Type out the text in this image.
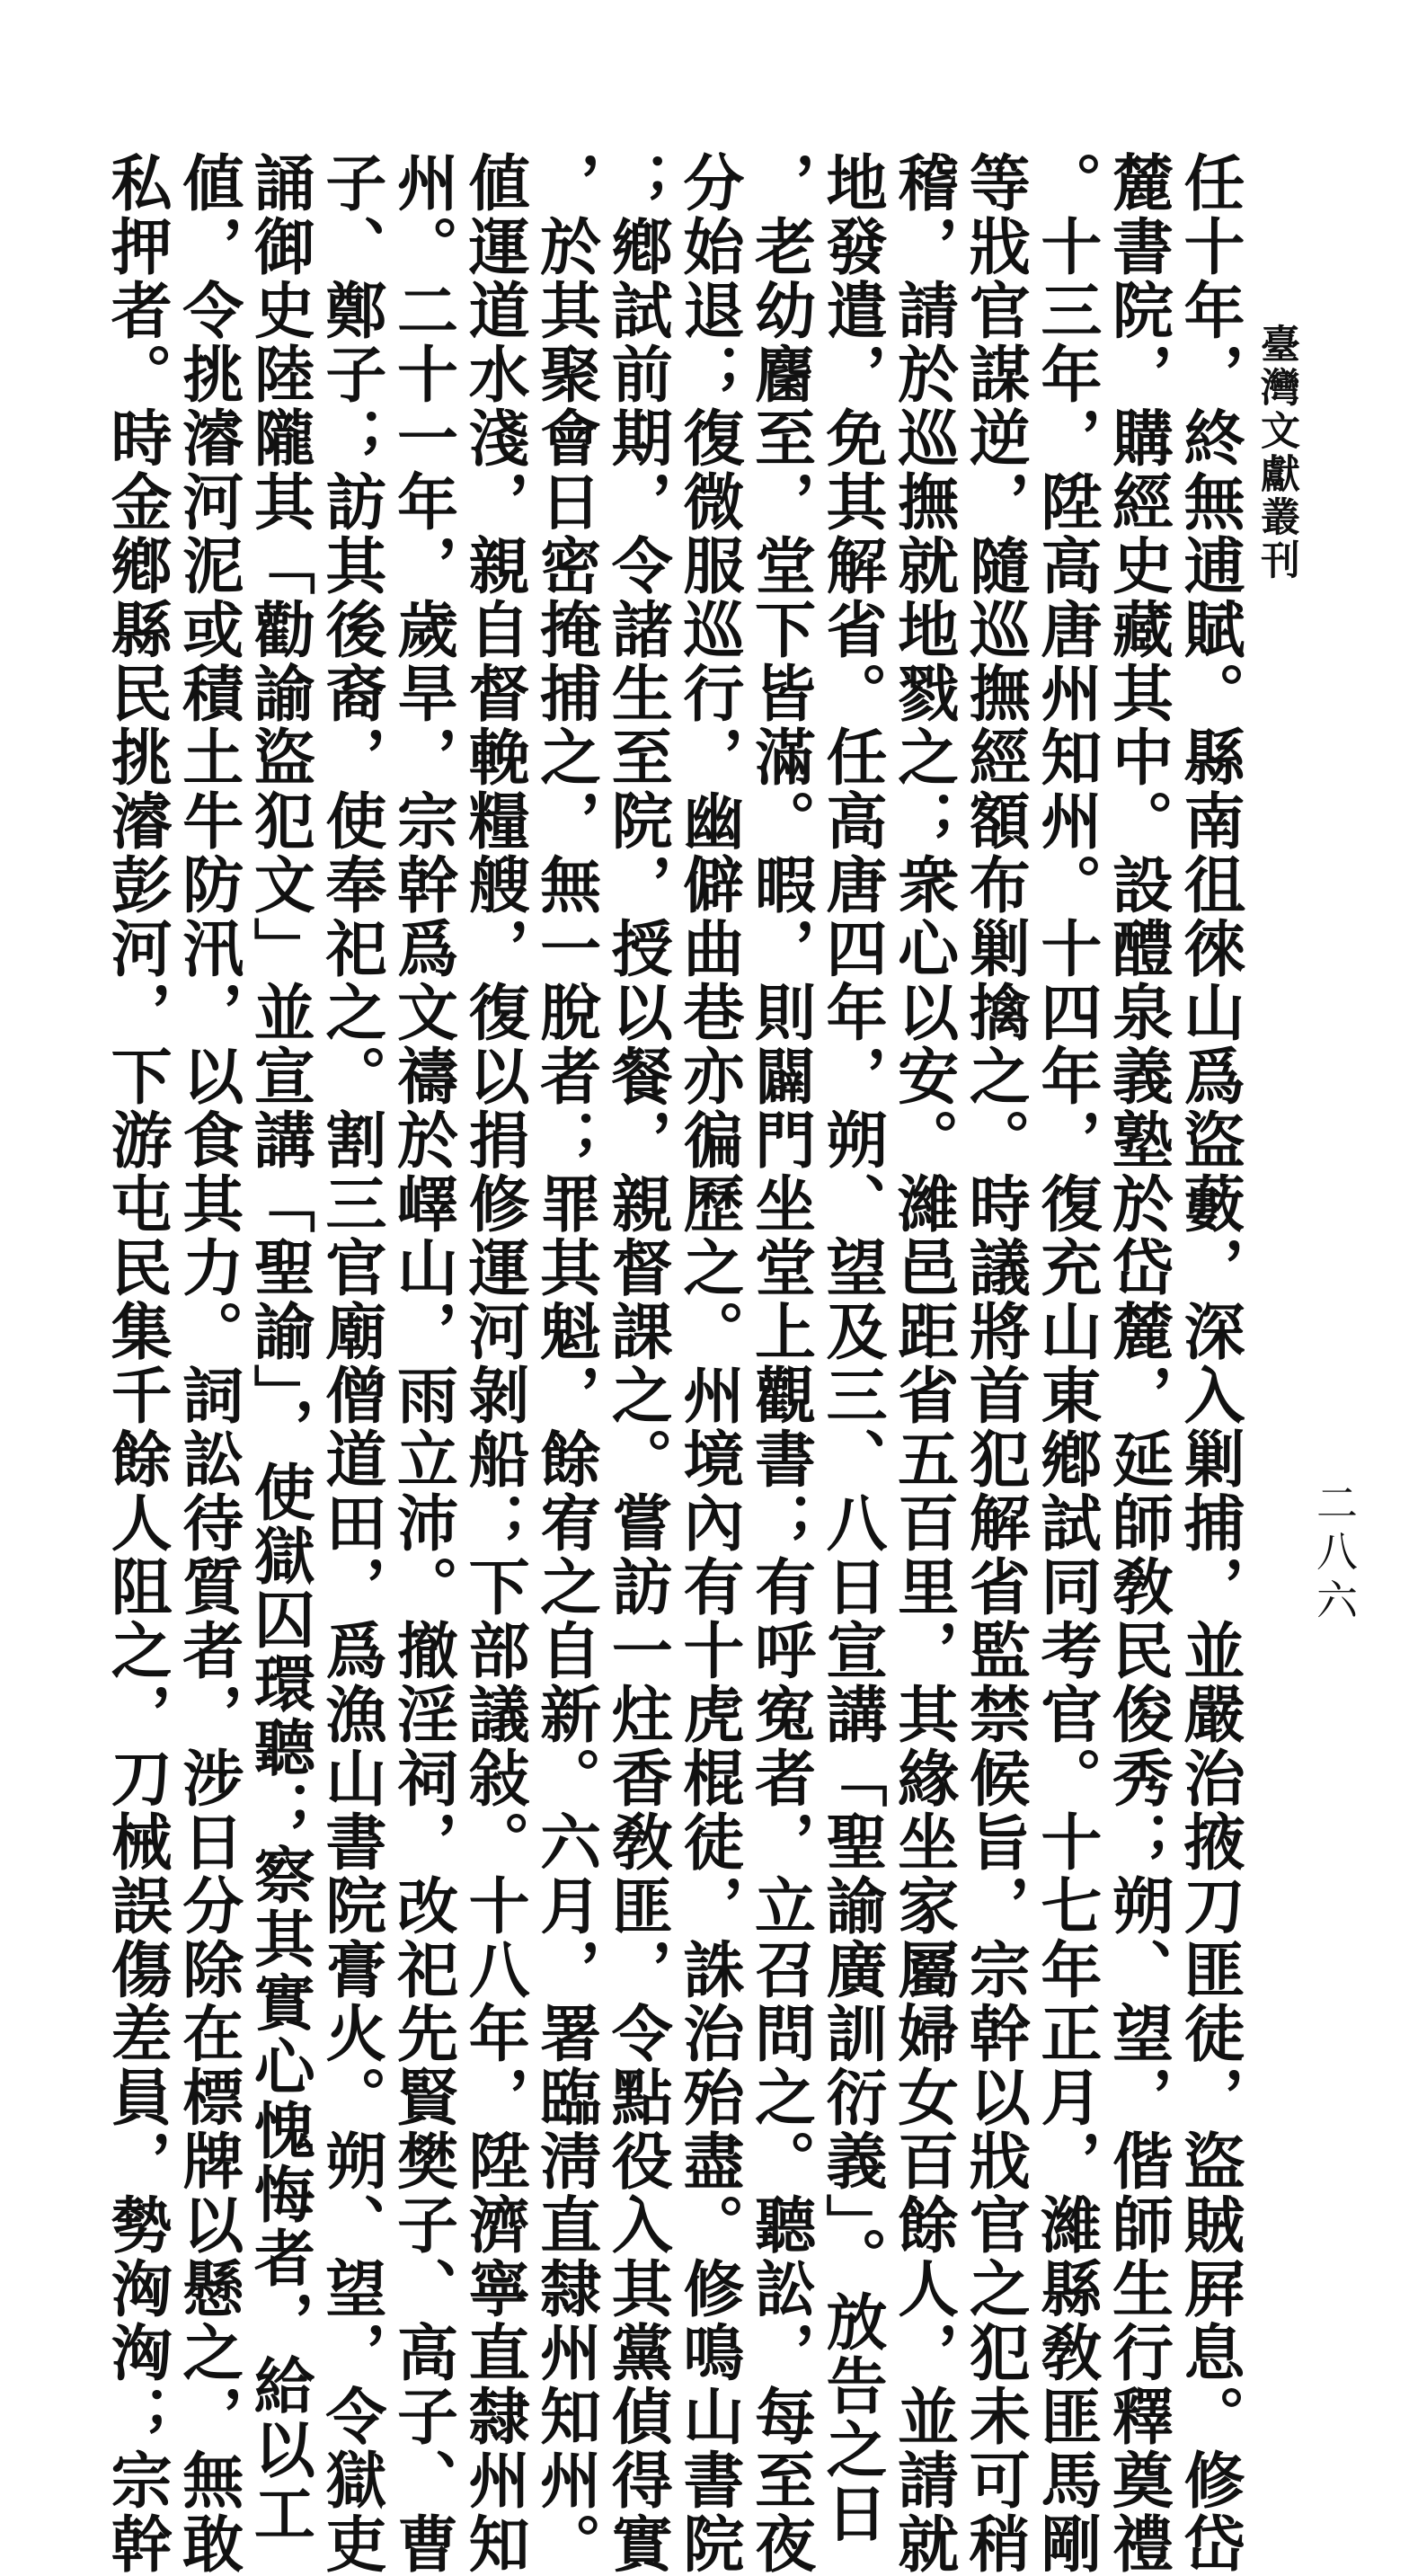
臺灣文獻叢刊
二八六
任十年，終無逋賦。縣南徂徠山爲盜藪，深入剿捕，並嚴治掖刀匪徒，盜賊屛息。修岱
麓書院，購經史藏其中。設醴泉義塾於岱麓，延師敎民俊秀；朔、望，偕師生行釋奠禮
。十三年，陞高唐州知州。十四年，復充山東鄕試同考官。十七年正月，濰縣敎匪馬剛
等戕官謀逆，隨巡撫經額布剿擒之。時議將首犯解省監禁候旨，宗幹以戕官之犯未可稍
稽，請於巡撫就地戮之；衆心以安。濰邑距省五百里，其緣坐家屬婦女百餘人，並請就
地發遣，免其解省。任高唐四年，朔、望及三、八日宣講「聖諭廣訓衍義」。放告之日
，老幼麕至，堂下皆滿。暇，則闢門坐堂上觀書；有呼寃者，立召問之。聽訟，每至夜
分始退；復微服巡行，幽僻曲巷亦徧歷之。州境內有十虎棍徒，誅治殆盡。修鳴山書院
；鄕試前期，令諸生至院，授以餐，親督課之。嘗訪一炷香敎匪，令點役入其黨偵得實
，於其聚會日密掩捕之，無一脫者；罪其魁，餘宥之自新。六月，署臨淸直隸州知州。
値運道水淺，親自督輓糧艘，復以捐修運河剝船；下部議敍。十八年，陞濟寧直隸州知
州。二十一年，歲旱，宗幹爲文禱於嶧山，雨立沛。撤淫祠，改祀先賢樊子、高子、曹
子、鄭子；訪其後裔，使奉祀之。割三官廟僧道田，爲漁山書院膏火。朔、望，令獄吏
誦御史陸隴其「勸諭盜犯文」並宣講「聖諭」，使獄囚環聽；察其實心愧悔者，給以工
値，令挑濬河泥或積土牛防汛，以食其力。詞訟待質者，涉日分除在標牌以懸之，無敢
私押者。時金鄕縣民挑濬彭河，下游屯民集千餘人阻之，刀械誤傷差員，勢洶洶；宗幹
